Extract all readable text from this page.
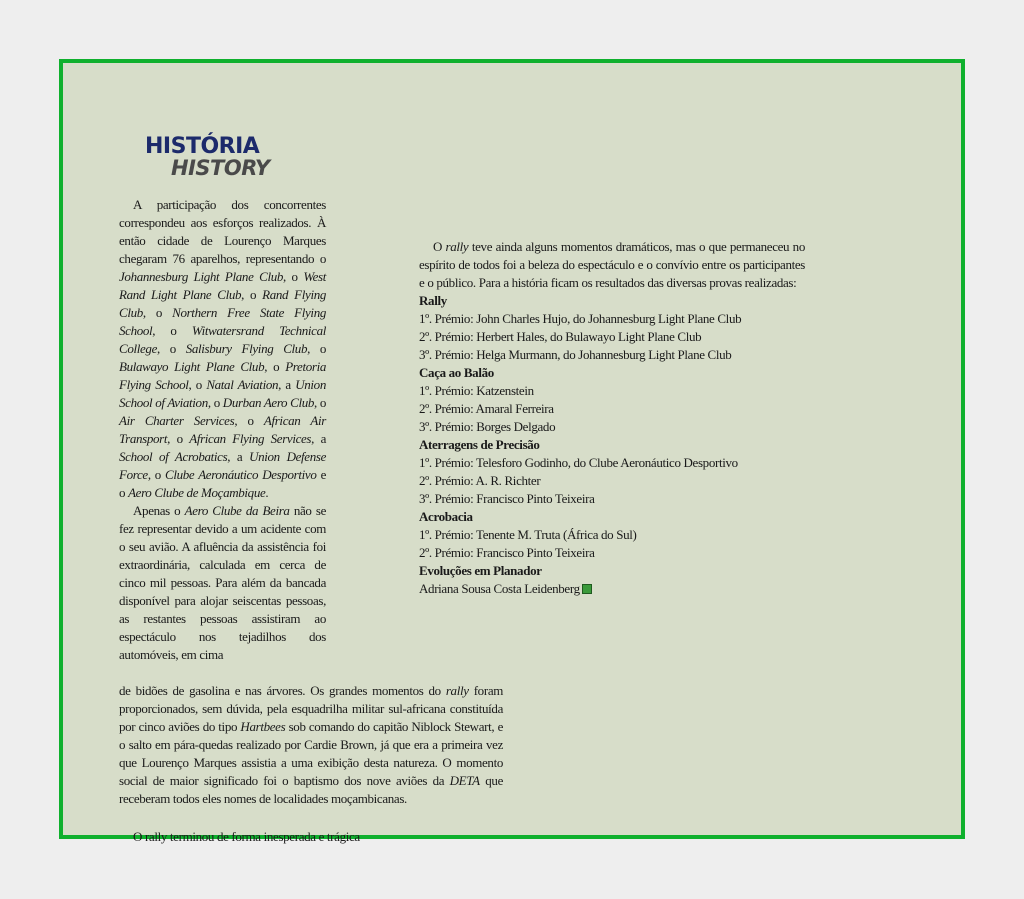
HISTÓRIA
HISTORY

A participação dos concorrentes correspondeu aos esforços realizados. À então cidade de Lourenço Marques chegaram 76 aparelhos, representando o Johannesburg Light Plane Club, o West Rand Light Plane Club, o Rand Flying Club, o Northern Free State Flying School, o Witwatersrand Technical College, o Salisbury Flying Club, o Bulawayo Light Plane Club, o Pretoria Flying School, o Natal Aviation, a Union School of Aviation, o Durban Aero Club, o Air Charter Services, o African Air Transport, o African Flying Services, a School of Acrobatics, a Union Defense Force, o Clube Aeronáutico Desportivo e o Aero Clube de Moçambique.

Apenas o Aero Clube da Beira não se fez representar devido a um acidente com o seu avião. A afluência da assistência foi extraordinária, calculada em cerca de cinco mil pessoas. Para além da bancada disponível para alojar seiscentas pessoas, as restantes pessoas assistiram ao espectáculo nos tejadilhos dos automóveis, em cima

de bidões de gasolina e nas árvores. Os grandes momentos do rally foram proporcionados, sem dúvida, pela esquadrilha militar sul-africana constituída por cinco aviões do tipo Hartbees sob comando do capitão Niblock Stewart, e o salto em pára-quedas realizado por Cardie Brown, já que era a primeira vez que Lourenço Marques assistia a uma exibição desta natureza. O momento social de maior significado foi o baptismo dos nove aviões da DETA que receberam todos eles nomes de localidades moçambicanas.

O rally terminou de forma inesperada e trágica

O rally teve ainda alguns momentos dramáticos, mas o que permaneceu no espírito de todos foi a beleza do espectáculo e o convívio entre os participantes e o público. Para a história ficam os resultados das diversas provas realizadas:

Rally
1º. Prémio: John Charles Hujo, do Johannesburg Light Plane Club
2º. Prémio: Herbert Hales, do Bulawayo Light Plane Club
3º. Prémio: Helga Murmann, do Johannesburg Light Plane Club
Caça ao Balão
1º. Prémio: Katzenstein
2º. Prémio: Amaral Ferreira
3º. Prémio: Borges Delgado
Aterragens de Precisão
1º. Prémio: Telesforo Godinho, do Clube Aeronáutico Desportivo
2º. Prémio: A. R. Richter
3º. Prémio: Francisco Pinto Teixeira
Acrobacia
1º. Prémio: Tenente M. Truta (África do Sul)
2º. Prémio: Francisco Pinto Teixeira
Evoluções em Planador
Adriana Sousa Costa Leidenberg
